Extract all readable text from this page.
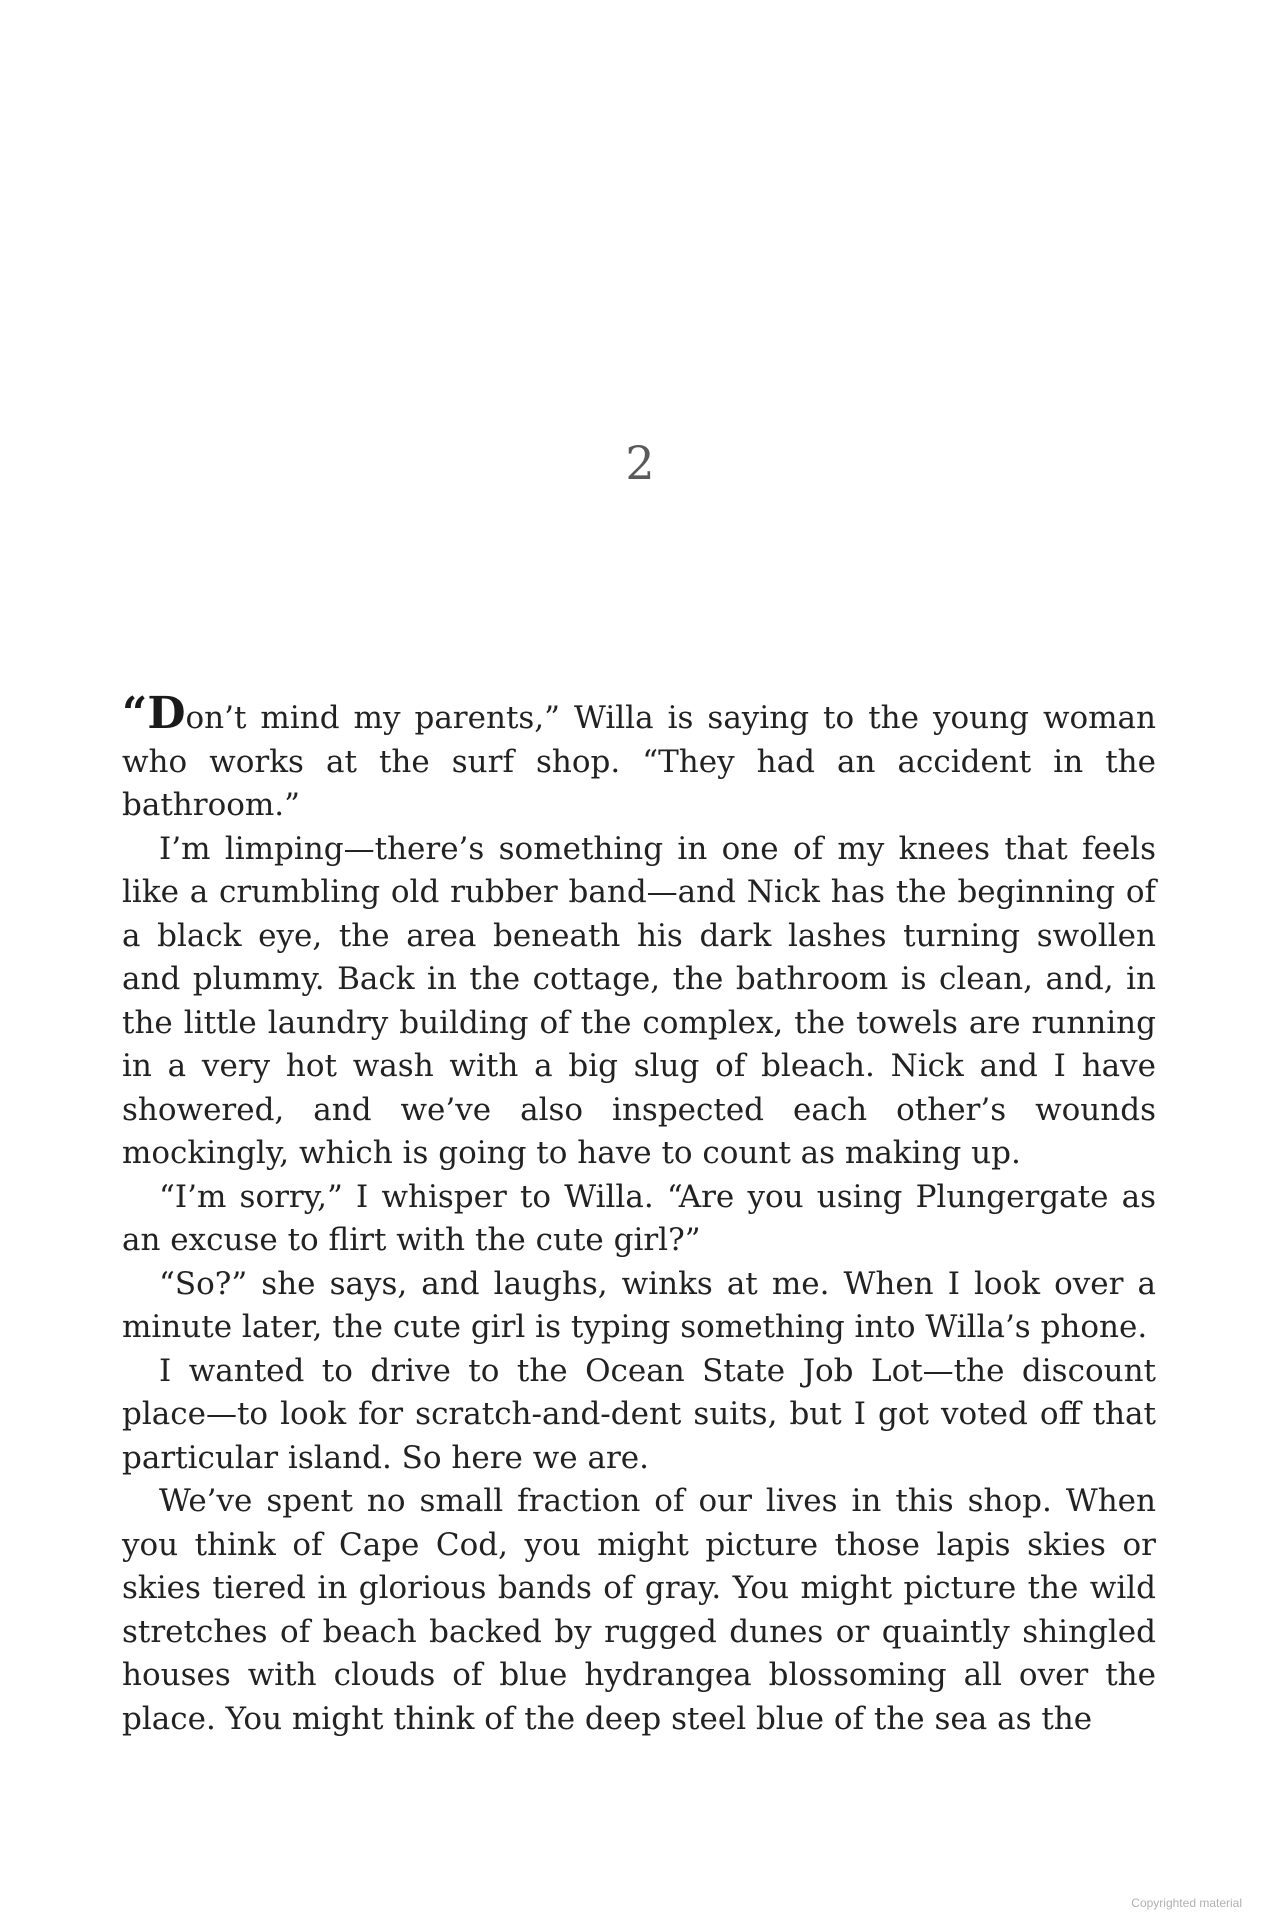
2

“Don’t mind my parents,” Willa is saying to the young woman who works at the surf shop. “They had an accident in the bathroom.”

I’m limping—there’s something in one of my knees that feels like a crumbling old rubber band—and Nick has the beginning of a black eye, the area beneath his dark lashes turning swollen and plummy. Back in the cottage, the bathroom is clean, and, in the little laundry building of the complex, the towels are running in a very hot wash with a big slug of bleach. Nick and I have showered, and we’ve also inspected each other’s wounds mockingly, which is going to have to count as making up.

“I’m sorry,” I whisper to Willa. “Are you using Plungergate as an excuse to flirt with the cute girl?”

“So?” she says, and laughs, winks at me. When I look over a minute later, the cute girl is typing something into Willa’s phone.

I wanted to drive to the Ocean State Job Lot—the discount place—to look for scratch-and-dent suits, but I got voted off that particular island. So here we are.

We’ve spent no small fraction of our lives in this shop. When you think of Cape Cod, you might picture those lapis skies or skies tiered in glorious bands of gray. You might picture the wild stretches of beach backed by rugged dunes or quaintly shingled houses with clouds of blue hydrangea blossoming all over the place. You might think of the deep steel blue of the sea as the

Copyrighted material
